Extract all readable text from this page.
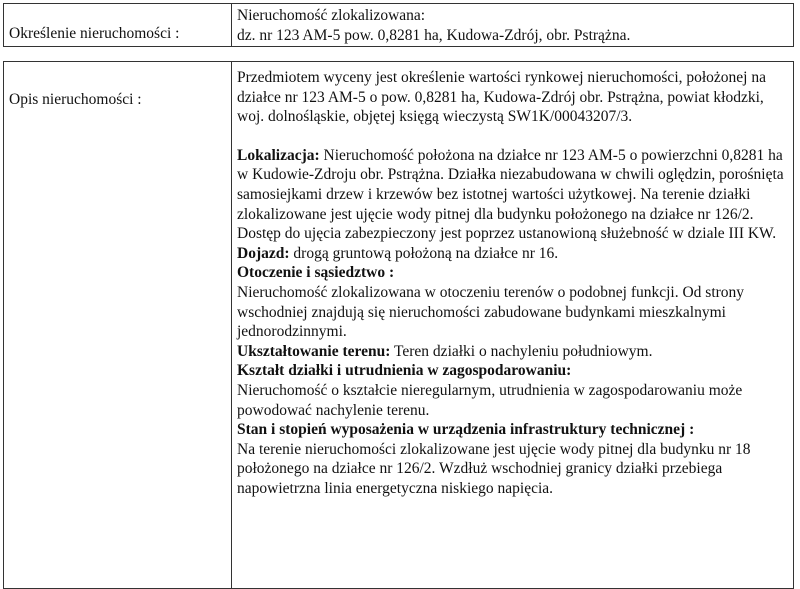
Określenie nieruchomości :	
Nieruchomość zlokalizowana:
dz. nr 123 AM-5 pow. 0,8281 ha, Kudowa-Zdrój, obr. Pstrążna.
Opis nieruchomości :	
Przedmiotem wyceny jest określenie wartości rynkowej nieruchomości, położonej na działce nr 123 AM-5 o pow. 0,8281 ha, Kudowa-Zdrój obr. Pstrążna, powiat kłodzki, woj. dolnośląskie, objętej księgą wieczystą SW1K/00043207/3.
Lokalizacja: Nieruchomość położona na działce nr 123 AM-5 o powierzchni 0,8281 ha w Kudowie-Zdroju obr. Pstrążna. Działka niezabudowana w chwili oględzin, porośnięta samosiejkami drzew i krzewów bez istotnej wartości użytkowej. Na terenie działki zlokalizowane jest ujęcie wody pitnej dla budynku położonego na działce nr 126/2. Dostęp do ujęcia zabezpieczony jest poprzez ustanowioną służebność w dziale III KW.
Dojazd: drogą gruntową położoną na działce nr 16.
Otoczenie i sąsiedztwo :
Nieruchomość zlokalizowana w otoczeniu terenów o podobnej funkcji. Od strony wschodniej znajdują się nieruchomości zabudowane budynkami mieszkalnymi jednorodzinnymi.
Ukształtowanie terenu: Teren działki o nachyleniu południowym.
Kształt działki i utrudnienia w zagospodarowaniu:
Nieruchomość o kształcie nieregularnym, utrudnienia w zagospodarowaniu może powodować nachylenie terenu.
Stan i stopień wyposażenia w urządzenia infrastruktury technicznej :
Na terenie nieruchomości zlokalizowane jest ujęcie wody pitnej dla budynku nr 18 położonego na działce nr 126/2. Wzdłuż wschodniej granicy działki przebiega napowietrzna linia energetyczna niskiego napięcia.
